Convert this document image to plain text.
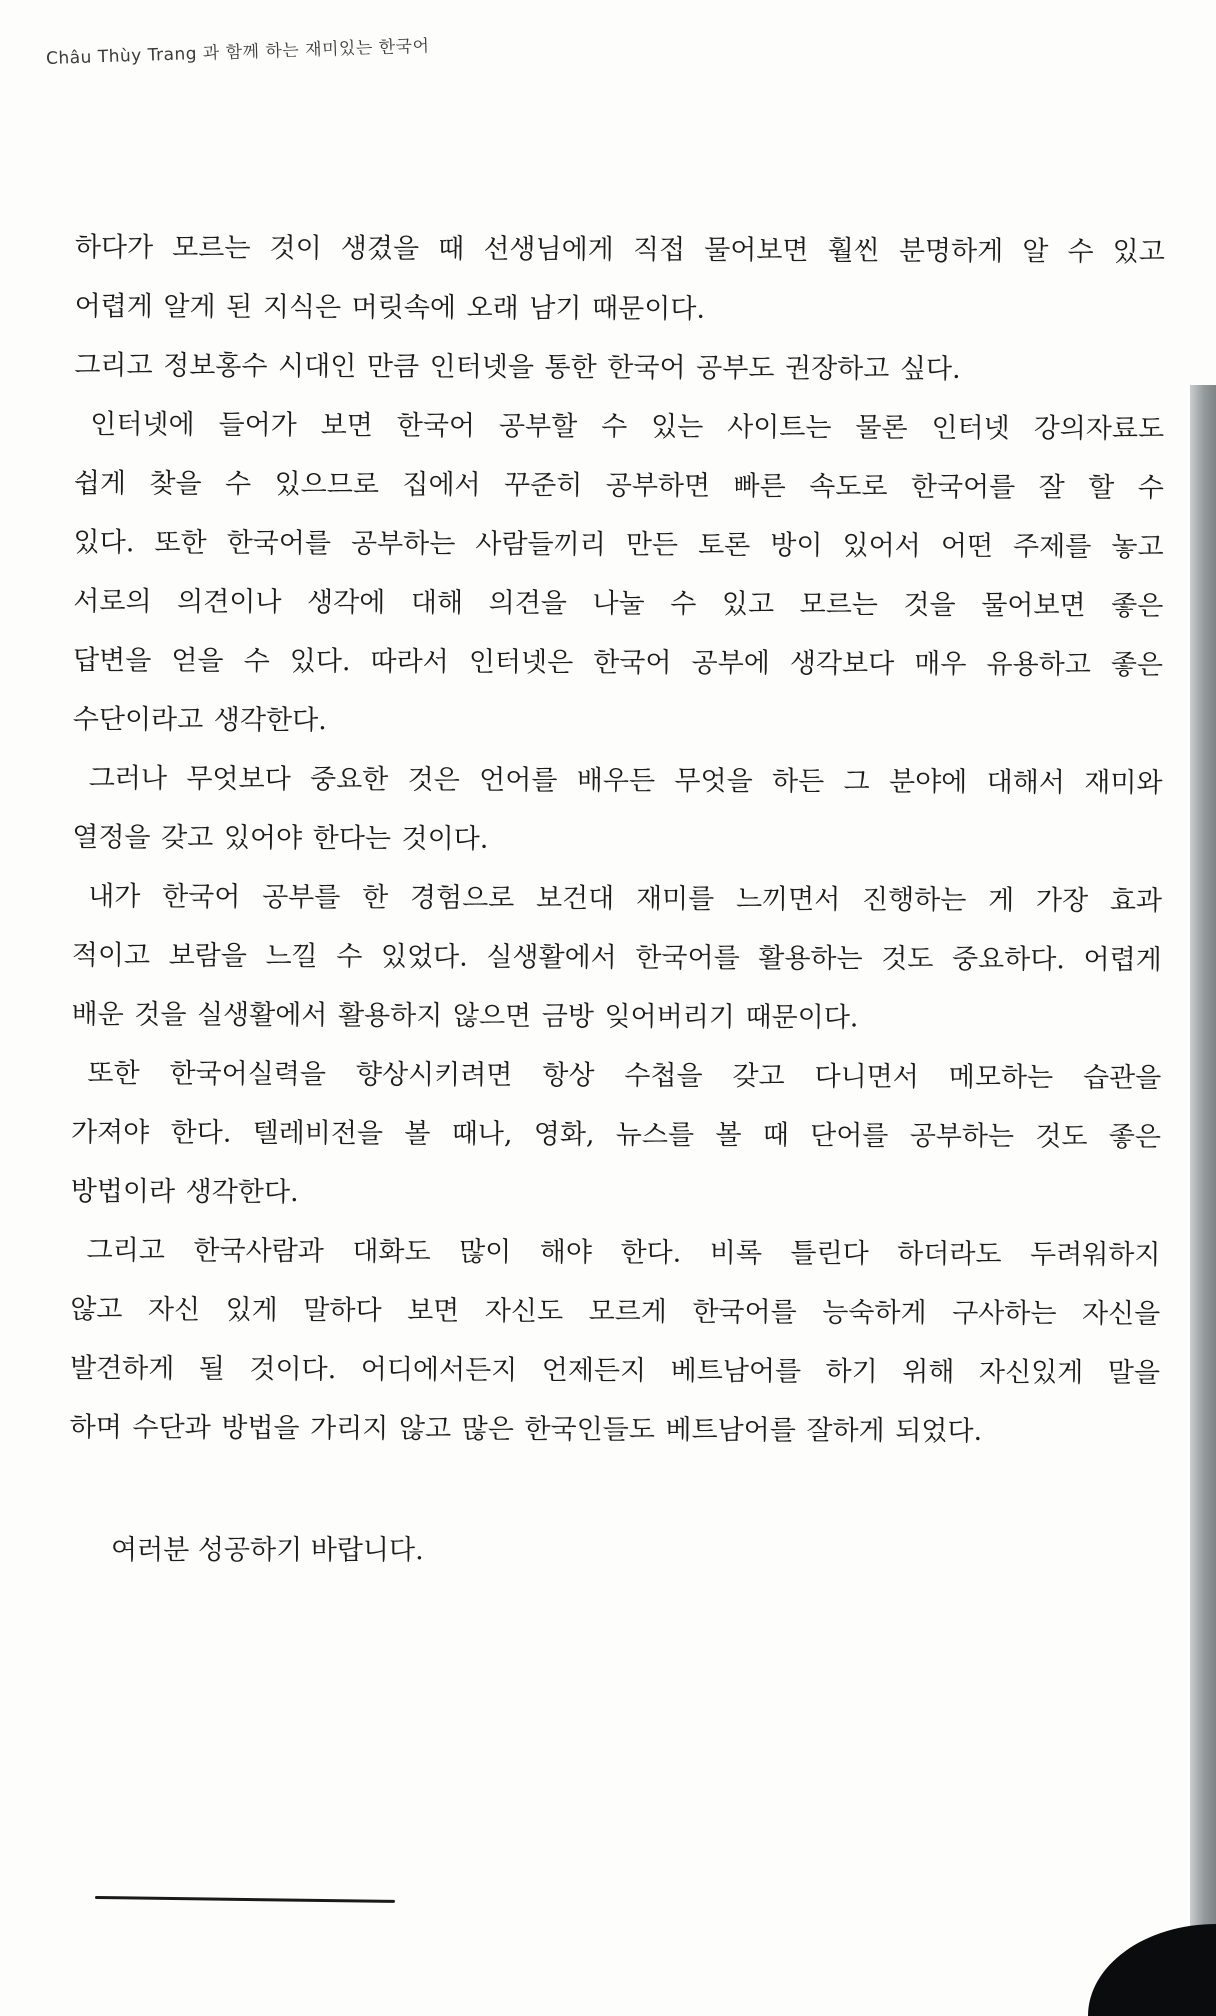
Châu Thùy Trang 과 함께 하는 재미있는 한국어
하다가 모르는 것이 생겼을 때 선생님에게 직접 물어보면 훨씬 분명하게 알 수 있고
어렵게 알게 된 지식은 머릿속에 오래 남기 때문이다.
그리고 정보홍수 시대인 만큼 인터넷을 통한 한국어 공부도 권장하고 싶다.
인터넷에 들어가 보면 한국어 공부할 수 있는 사이트는 물론 인터넷 강의자료도
쉽게 찾을 수 있으므로 집에서 꾸준히 공부하면 빠른 속도로 한국어를 잘 할 수
있다. 또한 한국어를 공부하는 사람들끼리 만든 토론 방이 있어서 어떤 주제를 놓고
서로의 의견이나 생각에 대해 의견을 나눌 수 있고 모르는 것을 물어보면 좋은
답변을 얻을 수 있다. 따라서 인터넷은 한국어 공부에 생각보다 매우 유용하고 좋은
수단이라고 생각한다.
그러나 무엇보다 중요한 것은 언어를 배우든 무엇을 하든 그 분야에 대해서 재미와
열정을 갖고 있어야 한다는 것이다.
내가 한국어 공부를 한 경험으로 보건대 재미를 느끼면서 진행하는 게 가장 효과
적이고 보람을 느낄 수 있었다. 실생활에서 한국어를 활용하는 것도 중요하다. 어렵게
배운 것을 실생활에서 활용하지 않으면 금방 잊어버리기 때문이다.
또한 한국어실력을 향상시키려면 항상 수첩을 갖고 다니면서 메모하는 습관을
가져야 한다. 텔레비전을 볼 때나, 영화, 뉴스를 볼 때 단어를 공부하는 것도 좋은
방법이라 생각한다.
그리고 한국사람과 대화도 많이 해야 한다. 비록 틀린다 하더라도 두려워하지
않고 자신 있게 말하다 보면 자신도 모르게 한국어를 능숙하게 구사하는 자신을
발견하게 될 것이다. 어디에서든지 언제든지 베트남어를 하기 위해 자신있게 말을
하며 수단과 방법을 가리지 않고 많은 한국인들도 베트남어를 잘하게 되었다.
여러분 성공하기 바랍니다.
